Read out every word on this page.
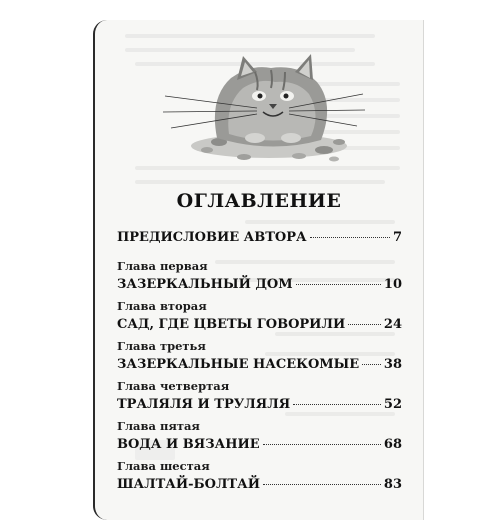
ОГЛАВЛЕНИЕ
ПРЕДИСЛОВИЕ АВТОРА	7
Глава первая
ЗАЗЕРКАЛЬНЫЙ ДОМ	10
Глава вторая
САД, ГДЕ ЦВЕТЫ ГОВОРИЛИ	24
Глава третья
ЗАЗЕРКАЛЬНЫЕ НАСЕКОМЫЕ 38
Глава четвертая
ТРАЛЯЛЯ И ТРУЛЯЛЯ	52
Глава пятая
ВОДА И ВЯЗАНИЕ	68
Глава шестая
ШАЛТАЙ-БОЛТАЙ	83
